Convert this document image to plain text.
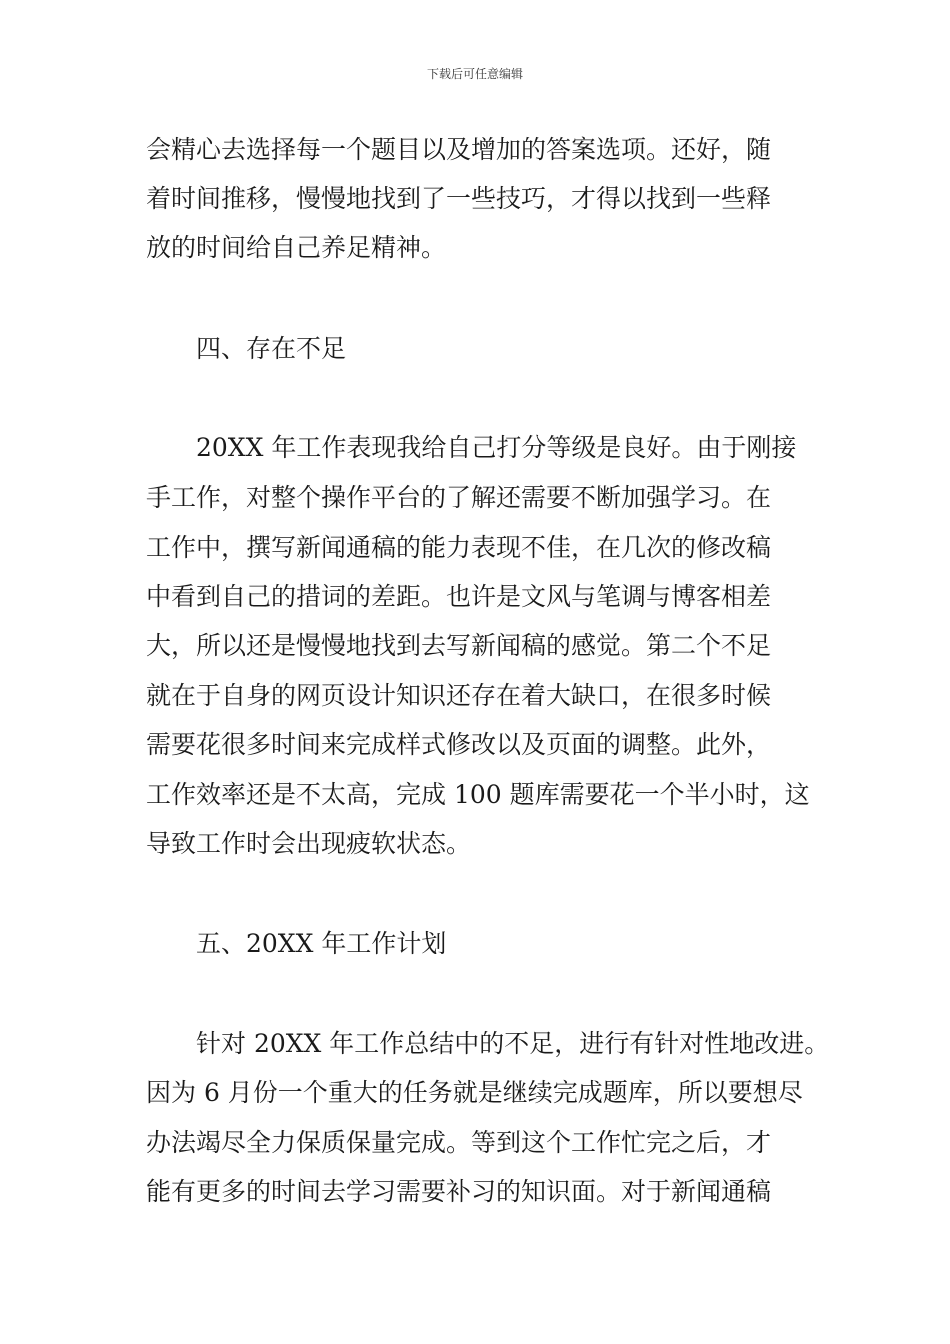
下载后可任意编辑
会精心去选择每一个题目以及增加的答案选项。还好，随
着时间推移，慢慢地找到了一些技巧，才得以找到一些释
放的时间给自己养足精神。
四、存在不足
20XX 年工作表现我给自己打分等级是良好。由于刚接
手工作，对整个操作平台的了解还需要不断加强学习。在
工作中，撰写新闻通稿的能力表现不佳，在几次的修改稿
中看到自己的措词的差距。也许是文风与笔调与博客相差
大，所以还是慢慢地找到去写新闻稿的感觉。第二个不足
就在于自身的网页设计知识还存在着大缺口，在很多时候
需要花很多时间来完成样式修改以及页面的调整。此外，
工作效率还是不太高，完成 100 题库需要花一个半小时，这
导致工作时会出现疲软状态。
五、20XX 年工作计划
针对 20XX 年工作总结中的不足，进行有针对性地改进。
因为 6 月份一个重大的任务就是继续完成题库，所以要想尽
办法竭尽全力保质保量完成。等到这个工作忙完之后，才
能有更多的时间去学习需要补习的知识面。对于新闻通稿
